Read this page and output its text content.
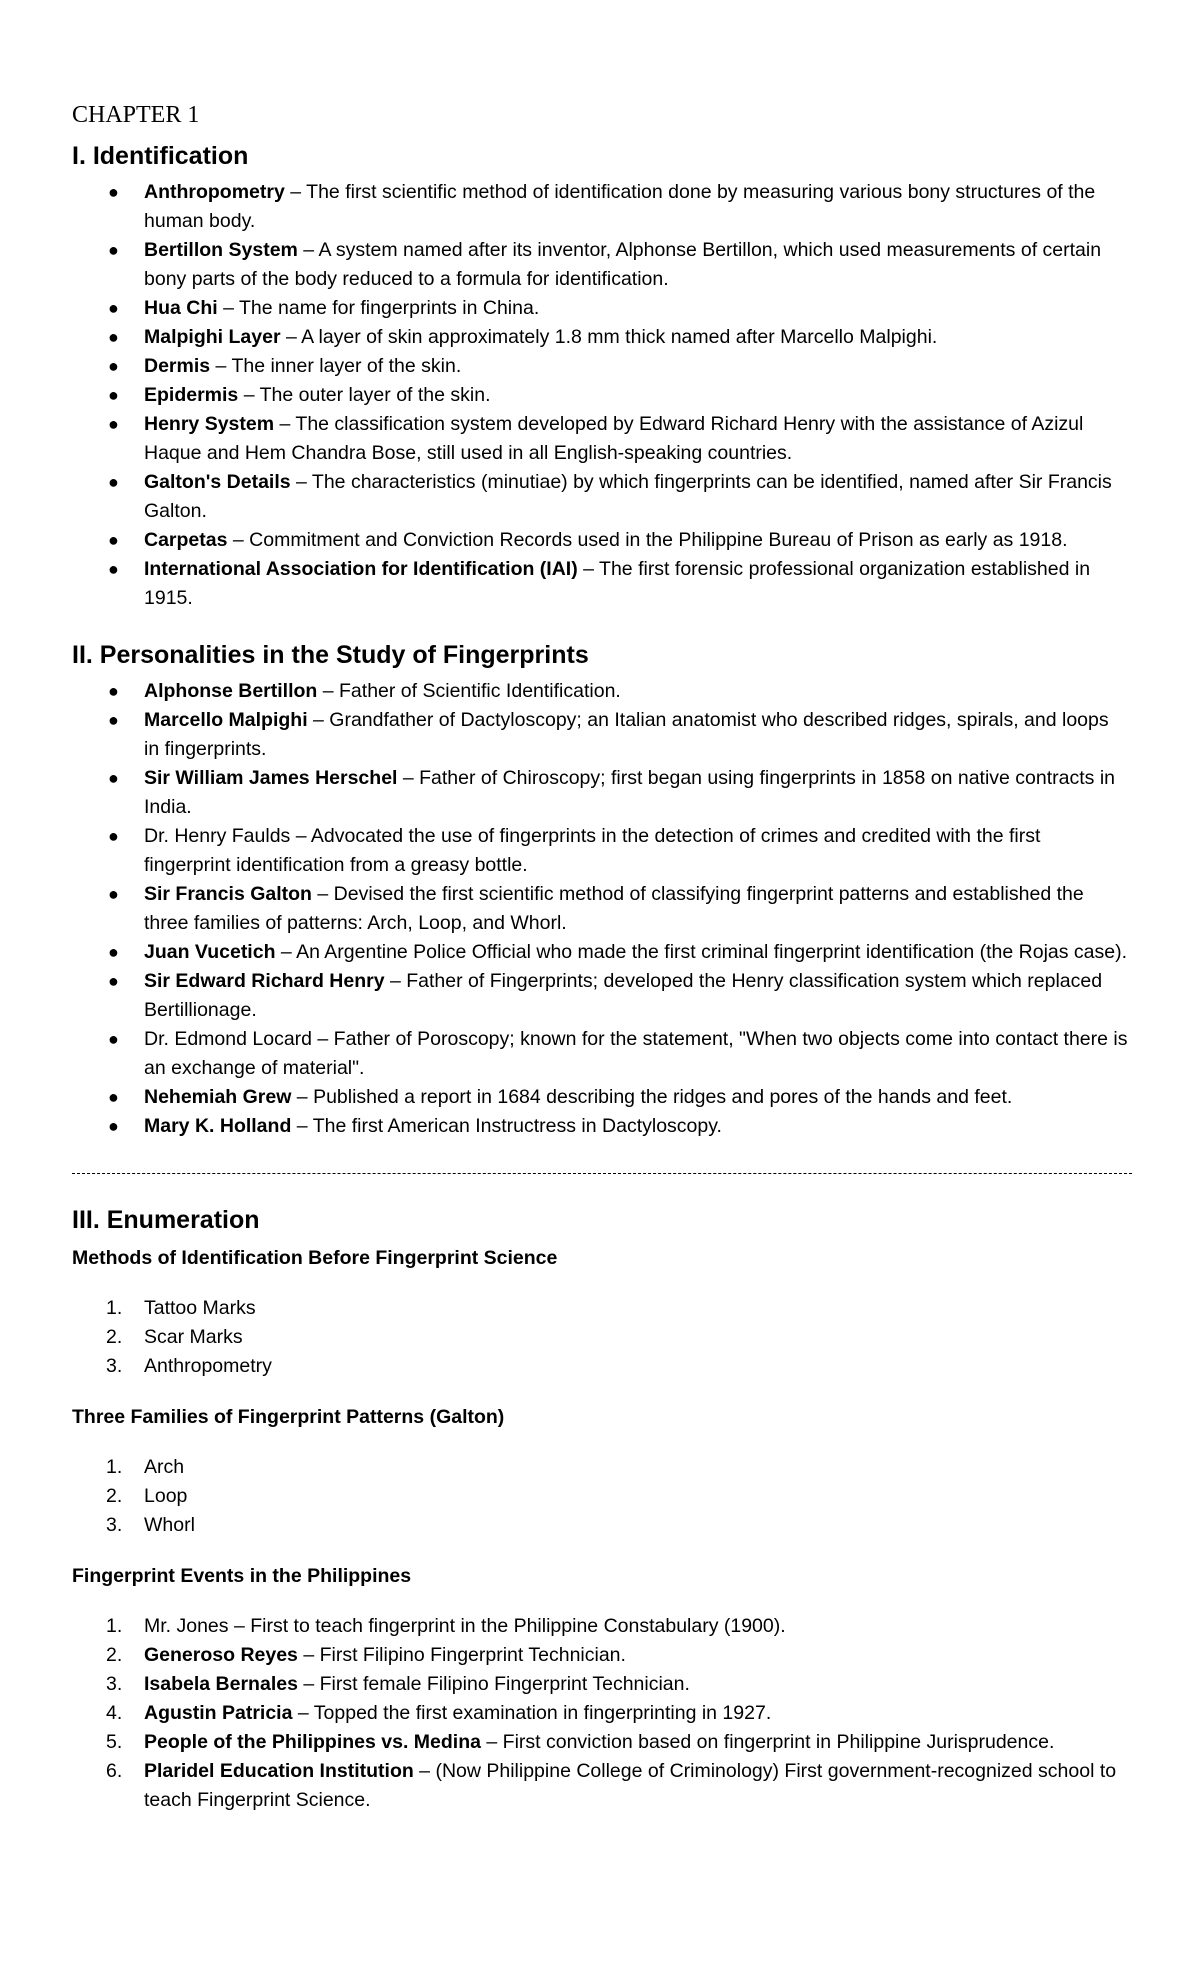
CHAPTER 1
I. Identification
●	Anthropometry – The first scientific method of identification done by measuring various bony structures of the human body.
●	Bertillon System – A system named after its inventor, Alphonse Bertillon, which used measurements of certain bony parts of the body reduced to a formula for identification.
●	Hua Chi – The name for fingerprints in China.
●	Malpighi Layer – A layer of skin approximately 1.8 mm thick named after Marcello Malpighi.
●	Dermis – The inner layer of the skin.
●	Epidermis – The outer layer of the skin.
●	Henry System – The classification system developed by Edward Richard Henry with the assistance of Azizul Haque and Hem Chandra Bose, still used in all English-speaking countries.
●	Galton's Details – The characteristics (minutiae) by which fingerprints can be identified, named after Sir Francis Galton.
●	Carpetas – Commitment and Conviction Records used in the Philippine Bureau of Prison as early as 1918.
●	International Association for Identification (IAI) – The first forensic professional organization established in 1915.
II. Personalities in the Study of Fingerprints
●	Alphonse Bertillon – Father of Scientific Identification.
●	Marcello Malpighi – Grandfather of Dactyloscopy; an Italian anatomist who described ridges, spirals, and loops in fingerprints.
●	Sir William James Herschel – Father of Chiroscopy; first began using fingerprints in 1858 on native contracts in India.
●	Dr. Henry Faulds – Advocated the use of fingerprints in the detection of crimes and credited with the first fingerprint identification from a greasy bottle.
●	Sir Francis Galton – Devised the first scientific method of classifying fingerprint patterns and established the three families of patterns: Arch, Loop, and Whorl.
●	Juan Vucetich – An Argentine Police Official who made the first criminal fingerprint identification (the Rojas case).
●	Sir Edward Richard Henry – Father of Fingerprints; developed the Henry classification system which replaced Bertillionage.
●	Dr. Edmond Locard – Father of Poroscopy; known for the statement, "When two objects come into contact there is an exchange of material".
●	Nehemiah Grew – Published a report in 1684 describing the ridges and pores of the hands and feet.
●	Mary K. Holland – The first American Instructress in Dactyloscopy.
III. Enumeration
Methods of Identification Before Fingerprint Science
1.	Tattoo Marks
2.	Scar Marks
3.	Anthropometry
Three Families of Fingerprint Patterns (Galton)
1.	Arch
2.	Loop
3.	Whorl
Fingerprint Events in the Philippines
1.	Mr. Jones – First to teach fingerprint in the Philippine Constabulary (1900).
2.	Generoso Reyes – First Filipino Fingerprint Technician.
3.	Isabela Bernales – First female Filipino Fingerprint Technician.
4.	Agustin Patricia – Topped the first examination in fingerprinting in 1927.
5.	People of the Philippines vs. Medina – First conviction based on fingerprint in Philippine Jurisprudence.
6.	Plaridel Education Institution – (Now Philippine College of Criminology) First government-recognized school to teach Fingerprint Science.
